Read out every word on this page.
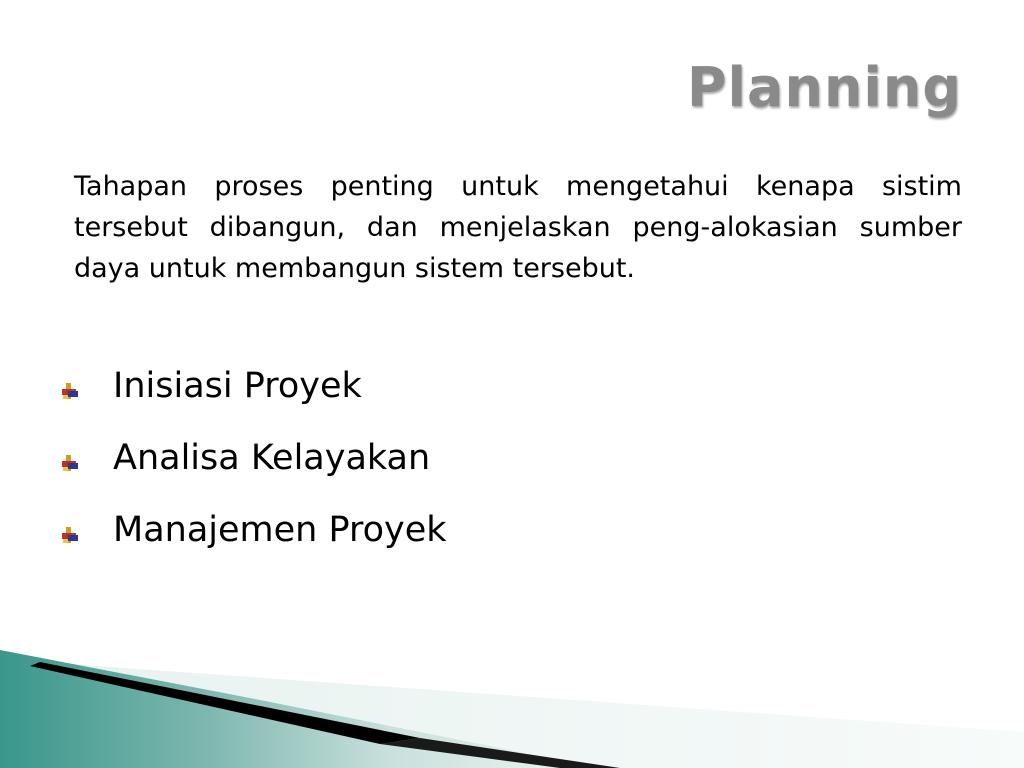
Planning

Tahapan proses penting untuk mengetahui kenapa sistim tersebut dibangun, dan menjelaskan peng-alokasian sumber daya untuk membangun sistem tersebut.

Inisiasi Proyek
Analisa Kelayakan
Manajemen Proyek
